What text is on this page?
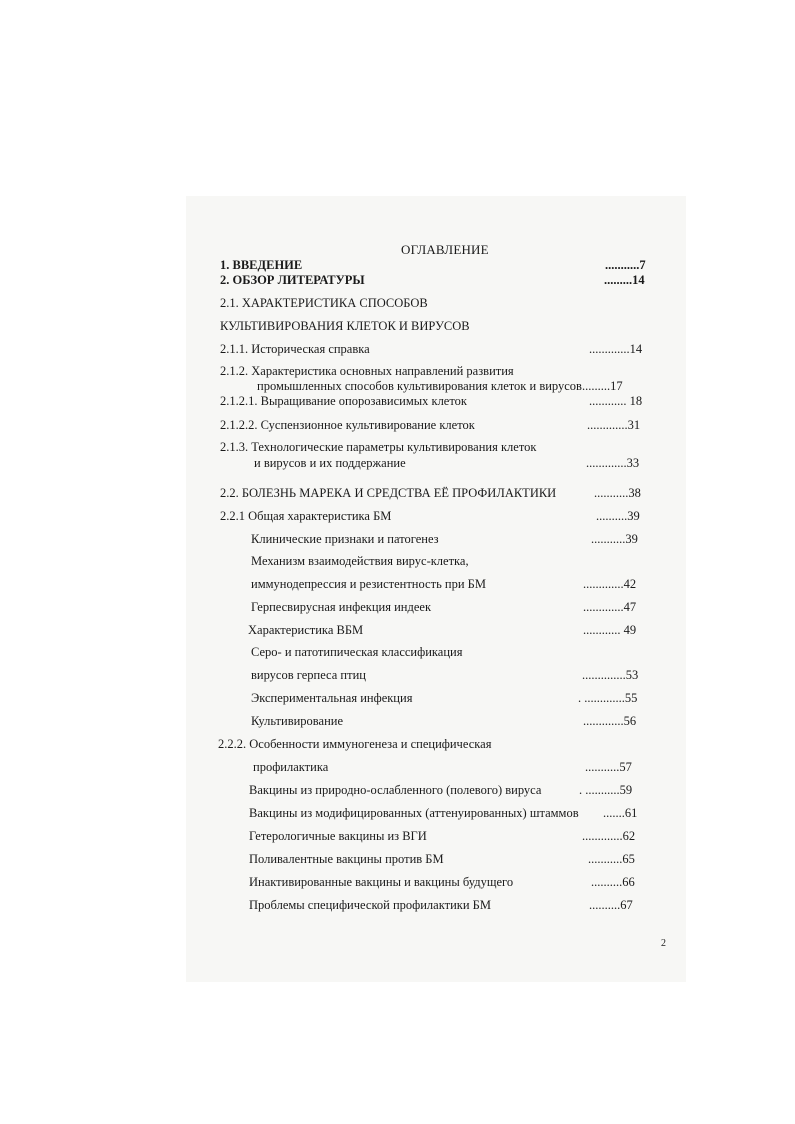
ОГЛАВЛЕНИЕ
1. ВВЕДЕНИЕ	...........7
2. ОБЗОР ЛИТЕРАТУРЫ	.........14
2.1. ХАРАКТЕРИСТИКА СПОСОБОВ
КУЛЬТИВИРОВАНИЯ КЛЕТОК И ВИРУСОВ
2.1.1. Историческая справка	.............14
2.1.2. Характеристика основных направлений развития
промышленных способов культивирования клеток и вирусов.........17
2.1.2.1. Выращивание опорозависимых клеток	............ 18
2.1.2.2. Суспензионное культивирование клеток	.............31
2.1.3. Технологические параметры культивирования клеток
и вирусов и их поддержание	.............33
2.2. БОЛЕЗНЬ МАРЕКА И СРЕДСТВА ЕЁ ПРОФИЛАКТИКИ	...........38
2.2.1 Общая характеристика БМ	..........39
Клинические признаки и патогенез	...........39
Механизм взаимодействия вирус-клетка,
иммунодепрессия и резистентность при БМ	.............42
Герпесвирусная инфекция индеек	.............47
Характеристика ВБМ	............ 49
Серо- и патотипическая классификация
вирусов герпеса птиц	..............53
Экспериментальная инфекция	. .............55
Культивирование	.............56
2.2.2. Особенности иммуногенеза и специфическая
профилактика	...........57
Вакцины из природно-ослабленного (полевого) вируса	. ...........59
Вакцины из модифицированных (аттенуированных) штаммов .......61
Гетерологичные вакцины из ВГИ	.............62
Поливалентные вакцины против БМ	...........65
Инактивированные вакцины и вакцины будущего	..........66
Проблемы специфической профилактики БМ	..........67
2
